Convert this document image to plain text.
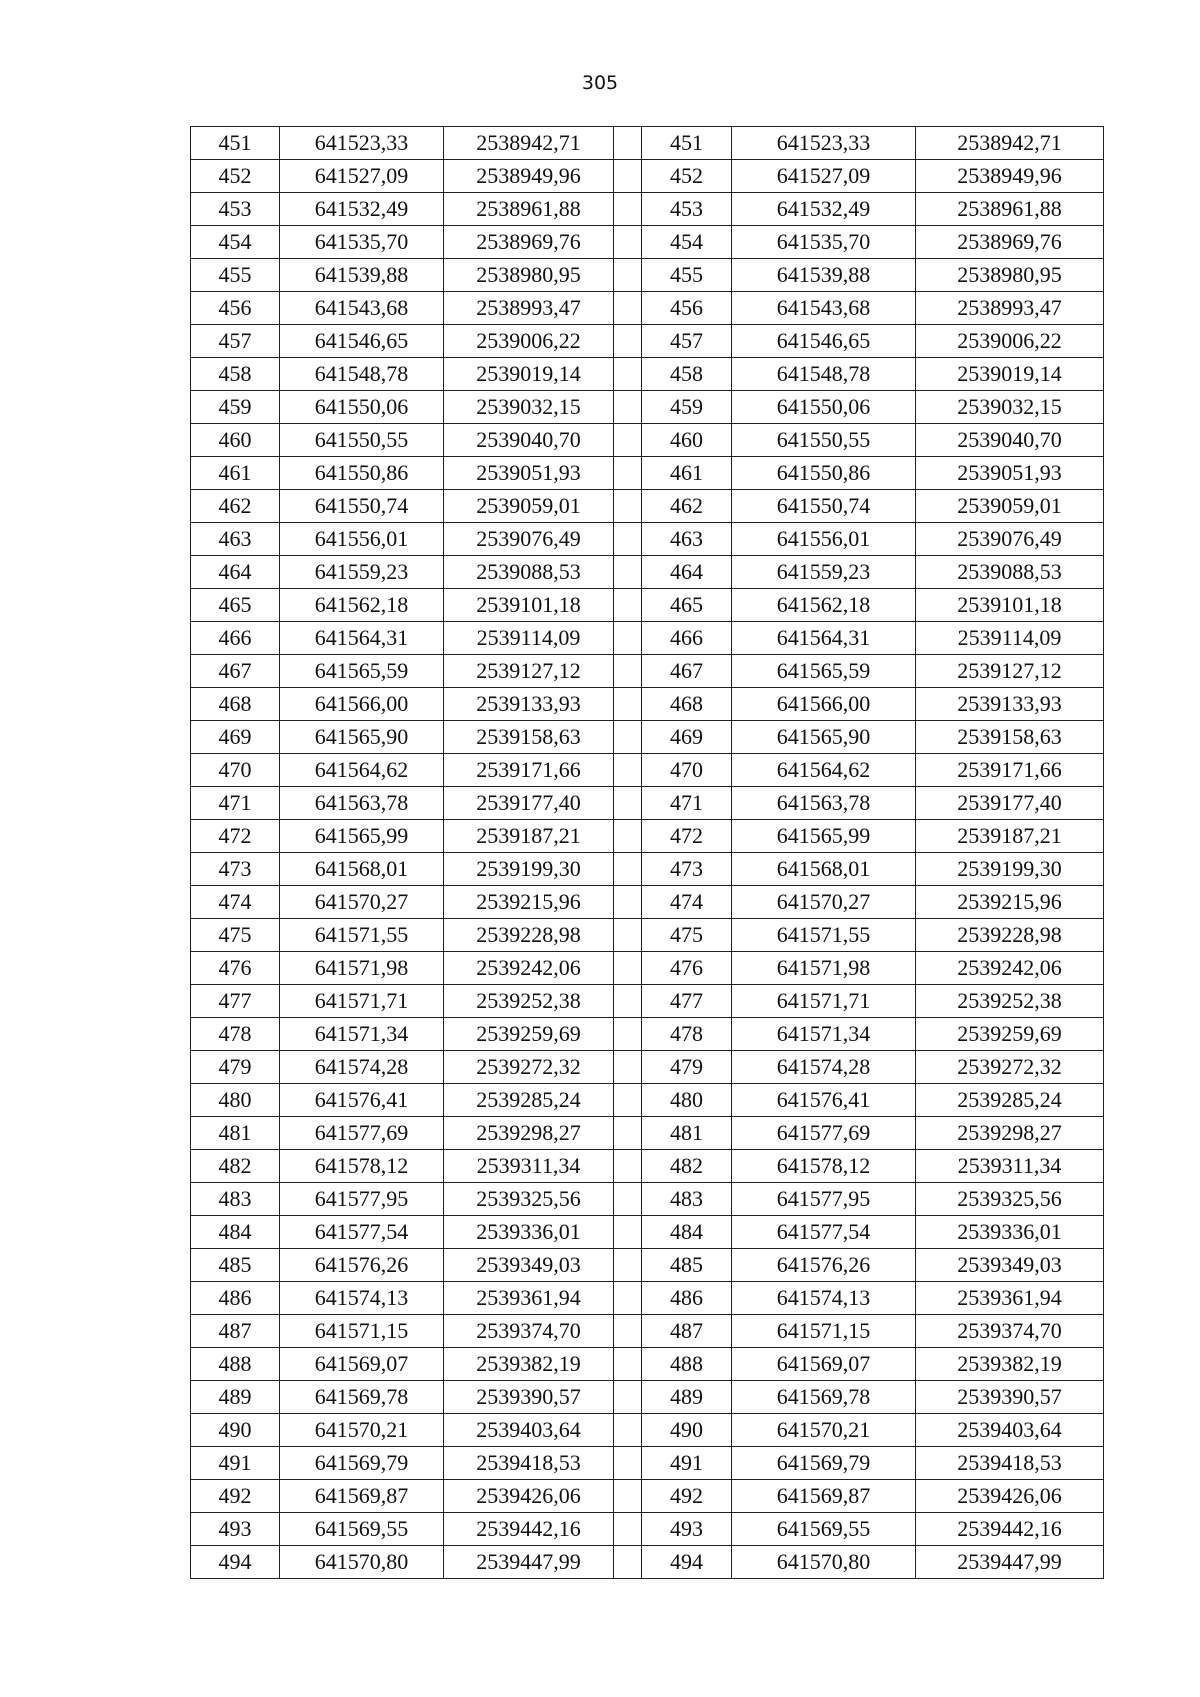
305
451	641523,33	2538942,71		451	641523,33	2538942,71
452	641527,09	2538949,96		452	641527,09	2538949,96
453	641532,49	2538961,88		453	641532,49	2538961,88
454	641535,70	2538969,76		454	641535,70	2538969,76
455	641539,88	2538980,95		455	641539,88	2538980,95
456	641543,68	2538993,47		456	641543,68	2538993,47
457	641546,65	2539006,22		457	641546,65	2539006,22
458	641548,78	2539019,14		458	641548,78	2539019,14
459	641550,06	2539032,15		459	641550,06	2539032,15
460	641550,55	2539040,70		460	641550,55	2539040,70
461	641550,86	2539051,93		461	641550,86	2539051,93
462	641550,74	2539059,01		462	641550,74	2539059,01
463	641556,01	2539076,49		463	641556,01	2539076,49
464	641559,23	2539088,53		464	641559,23	2539088,53
465	641562,18	2539101,18		465	641562,18	2539101,18
466	641564,31	2539114,09		466	641564,31	2539114,09
467	641565,59	2539127,12		467	641565,59	2539127,12
468	641566,00	2539133,93		468	641566,00	2539133,93
469	641565,90	2539158,63		469	641565,90	2539158,63
470	641564,62	2539171,66		470	641564,62	2539171,66
471	641563,78	2539177,40		471	641563,78	2539177,40
472	641565,99	2539187,21		472	641565,99	2539187,21
473	641568,01	2539199,30		473	641568,01	2539199,30
474	641570,27	2539215,96		474	641570,27	2539215,96
475	641571,55	2539228,98		475	641571,55	2539228,98
476	641571,98	2539242,06		476	641571,98	2539242,06
477	641571,71	2539252,38		477	641571,71	2539252,38
478	641571,34	2539259,69		478	641571,34	2539259,69
479	641574,28	2539272,32		479	641574,28	2539272,32
480	641576,41	2539285,24		480	641576,41	2539285,24
481	641577,69	2539298,27		481	641577,69	2539298,27
482	641578,12	2539311,34		482	641578,12	2539311,34
483	641577,95	2539325,56		483	641577,95	2539325,56
484	641577,54	2539336,01		484	641577,54	2539336,01
485	641576,26	2539349,03		485	641576,26	2539349,03
486	641574,13	2539361,94		486	641574,13	2539361,94
487	641571,15	2539374,70		487	641571,15	2539374,70
488	641569,07	2539382,19		488	641569,07	2539382,19
489	641569,78	2539390,57		489	641569,78	2539390,57
490	641570,21	2539403,64		490	641570,21	2539403,64
491	641569,79	2539418,53		491	641569,79	2539418,53
492	641569,87	2539426,06		492	641569,87	2539426,06
493	641569,55	2539442,16		493	641569,55	2539442,16
494	641570,80	2539447,99		494	641570,80	2539447,99
